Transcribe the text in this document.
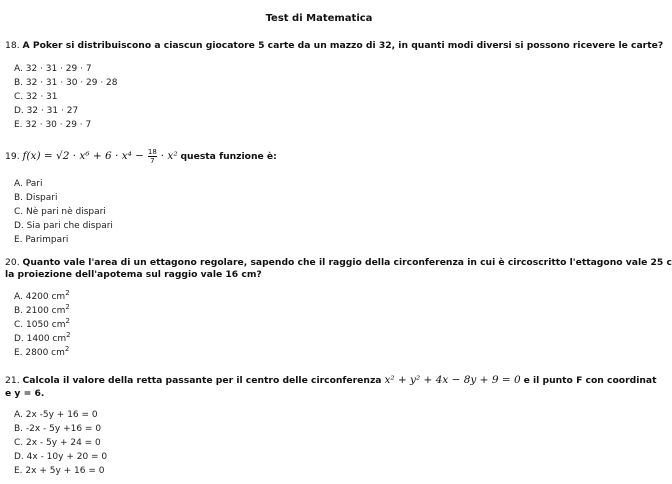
Test di Matematica
18. A Poker si distribuiscono a ciascun giocatore 5 carte da un mazzo di 32, in quanti modi diversi si possono ricevere le carte?
A. 32 · 31 · 29 · 7
B. 32 · 31 · 30 · 29 · 28
C. 32 · 31
D. 32 · 31 · 27
E. 32 · 30 · 29 · 7
19. $f(x) = √2 \cdot x^6 + 6 \cdot x^4 - \frac{18}{7} \cdot x^2$ questa funzione è:
A. Pari
B. Dispari
C. Nè pari nè dispari
D. Sia pari che dispari
E. Parimpari
20. Quanto vale l'area di un ettagono regolare, sapendo che il raggio della circonferenza in cui è circoscritto l'ettagono vale 25 c
la proiezione dell'apotema sul raggio vale 16 cm?
A. 4200 $cm^2$
B. 2100 $cm^2$
C. 1050 $cm^2$
D. 1400 $cm^2$
E. 2800 $cm^2$
21. Calcola il valore della retta passante per il centro delle circonferenza x² + y² + 4x − 8y + 9 = 0 e il punto F con coordinat
e y = 6.
A. 2x -5y + 16 = 0
B. -2x - 5y +16 = 0
C. 2x - 5y + 24 = 0
D. 4x - 10y + 20 = 0
E. 2x + 5y + 16 = 0
